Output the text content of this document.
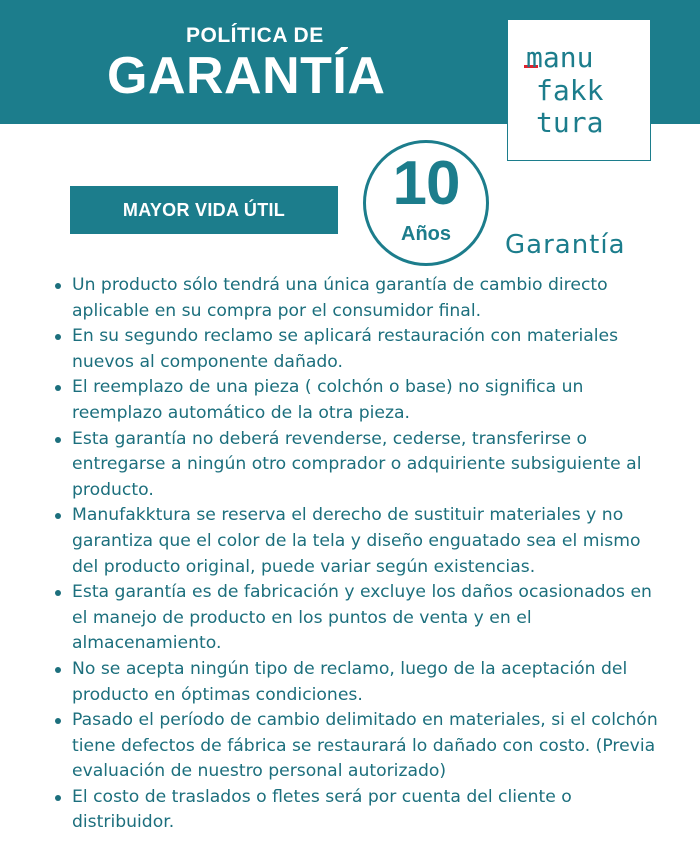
POLÍTICA DE
GARANTÍA	manu
fakk
tura
MAYOR VIDA ÚTIL	10
Años	Garantía
Un producto sólo tendrá una única garantía de cambio directo aplicable en su compra por el consumidor final.
En su segundo reclamo se aplicará restauración con materiales nuevos al componente dañado.
El reemplazo de una pieza ( colchón o base) no significa un reemplazo automático de la otra pieza.
Esta garantía no deberá revenderse, cederse, transferirse o entregarse a ningún otro comprador o adquiriente subsiguiente al producto.
Manufakktura se reserva el derecho de sustituir materiales y no garantiza que el color de la tela y diseño enguatado sea el mismo del producto original, puede variar según existencias.
Esta garantía es de fabricación y excluye los daños ocasionados en el manejo de producto en los puntos de venta y en el almacenamiento.
No se acepta ningún tipo de reclamo, luego de la aceptación del producto en óptimas condiciones.
Pasado el período de cambio delimitado en materiales, si el colchón tiene defectos de fábrica se restaurará lo dañado con costo. (Previa evaluación de nuestro personal autorizado)
El costo de traslados o fletes será por cuenta del cliente o distribuidor.
